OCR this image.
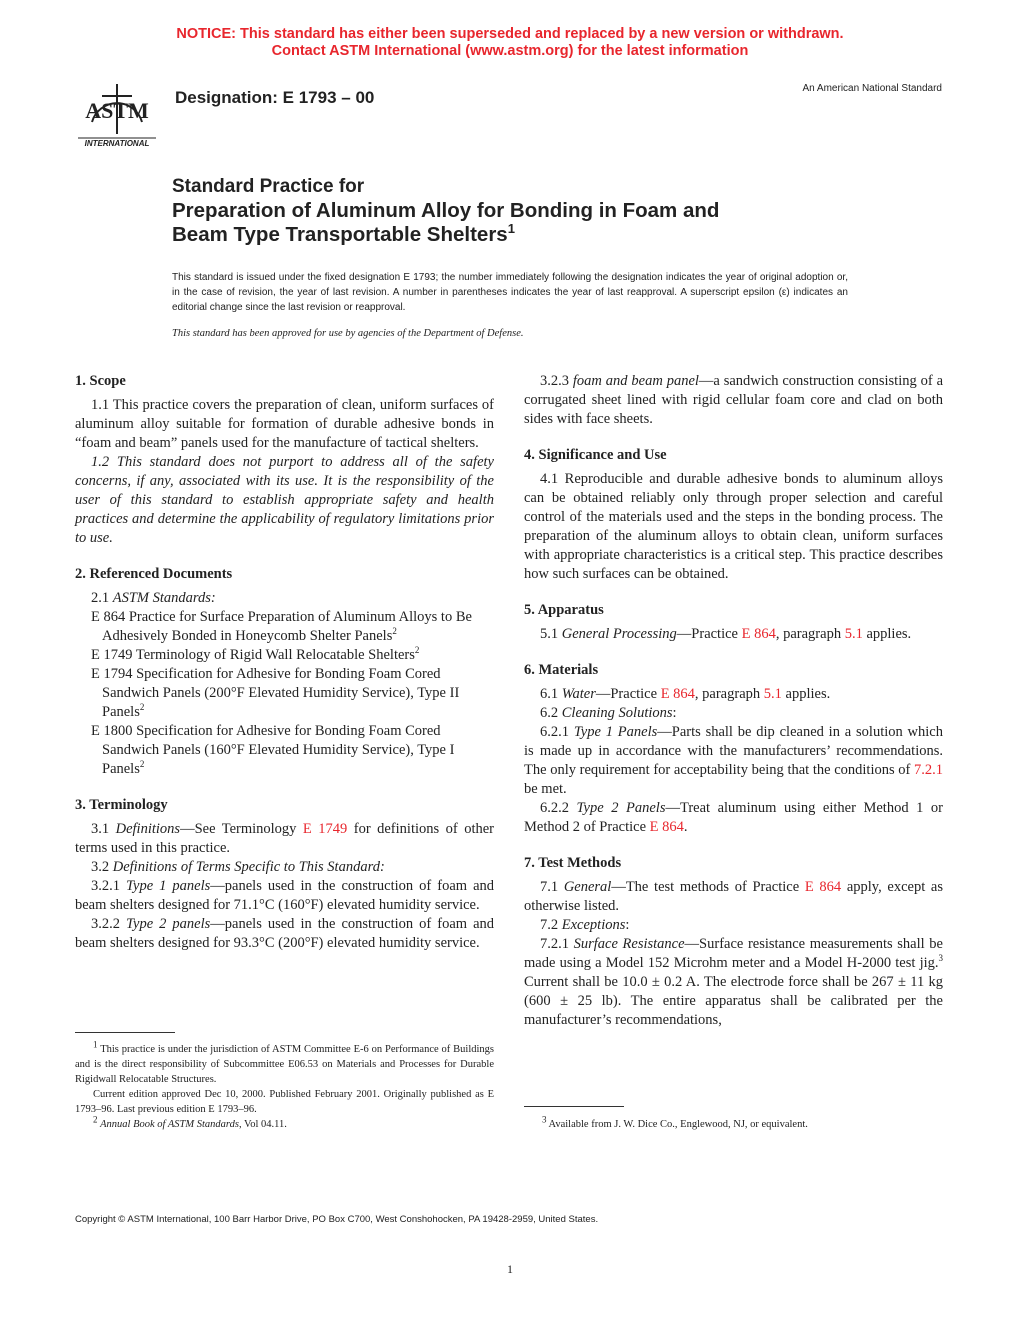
NOTICE: This standard has either been superseded and replaced by a new version or withdrawn.
Contact ASTM International (www.astm.org) for the latest information
ASTM
INTERNATIONAL
Designation: E 1793 – 00	An American National Standard
Standard Practice for
Preparation of Aluminum Alloy for Bonding in Foam and
Beam Type Transportable Shelters$^1$

This standard is issued under the fixed designation E 1793; the number immediately following the designation indicates the year of original adoption or, in the case of revision, the year of last revision. A number in parentheses indicates the year of last reapproval. A superscript epsilon (ε) indicates an editorial change since the last revision or reapproval.

This standard has been approved for use by agencies of the Department of Defense.

1. Scope

1.1 This practice covers the preparation of clean, uniform surfaces of aluminum alloy suitable for formation of durable adhesive bonds in “foam and beam” panels used for the manufacture of tactical shelters.

1.2 This standard does not purport to address all of the safety concerns, if any, associated with its use. It is the responsibility of the user of this standard to establish appropriate safety and health practices and determine the applicability of regulatory limitations prior to use.

2. Referenced Documents

2.1 ASTM Standards:

E 864 Practice for Surface Preparation of Aluminum Alloys to Be Adhesively Bonded in Honeycomb Shelter Panels$^2$

E 1749 Terminology of Rigid Wall Relocatable Shelters$^2$

E 1794 Specification for Adhesive for Bonding Foam Cored Sandwich Panels (200°F Elevated Humidity Service), Type II Panels$^2$

E 1800 Specification for Adhesive for Bonding Foam Cored Sandwich Panels (160°F Elevated Humidity Service), Type I Panels$^2$

3. Terminology

3.1 Definitions—See Terminology E 1749 for definitions of other terms used in this practice.

3.2 Definitions of Terms Specific to This Standard:

3.2.1 Type 1 panels—panels used in the construction of foam and beam shelters designed for 71.1°C (160°F) elevated humidity service.

3.2.2 Type 2 panels—panels used in the construction of foam and beam shelters designed for 93.3°C (200°F) elevated humidity service.

3.2.3 foam and beam panel—a sandwich construction consisting of a corrugated sheet lined with rigid cellular foam core and clad on both sides with face sheets.

4. Significance and Use

4.1 Reproducible and durable adhesive bonds to aluminum alloys can be obtained reliably only through proper selection and careful control of the materials used and the steps in the bonding process. The preparation of the aluminum alloys to obtain clean, uniform surfaces with appropriate characteristics is a critical step. This practice describes how such surfaces can be obtained.

5. Apparatus

5.1 General Processing—Practice E 864, paragraph 5.1 applies.

6. Materials

6.1 Water—Practice E 864, paragraph 5.1 applies.

6.2 Cleaning Solutions:

6.2.1 Type 1 Panels—Parts shall be dip cleaned in a solution which is made up in accordance with the manufacturers’ recommendations. The only requirement for acceptability being that the conditions of 7.2.1 be met.

6.2.2 Type 2 Panels—Treat aluminum using either Method 1 or Method 2 of Practice E 864.

7. Test Methods

7.1 General—The test methods of Practice E 864 apply, except as otherwise listed.

7.2 Exceptions:

7.2.1 Surface Resistance—Surface resistance measurements shall be made using a Model 152 Microhm meter and a Model H-2000 test jig.$^3$ Current shall be 10.0 ± 0.2 A. The electrode force shall be 267 ± 11 kg (600 ± 25 lb). The entire apparatus shall be calibrated per the manufacturer’s recommendations,

$^1$ This practice is under the jurisdiction of ASTM Committee E-6 on Performance of Buildings and is the direct responsibility of Subcommittee E06.53 on Materials and Processes for Durable Rigidwall Relocatable Structures.

Current edition approved Dec 10, 2000. Published February 2001. Originally published as E 1793–96. Last previous edition E 1793–96.

$^2$ Annual Book of ASTM Standards, Vol 04.11.	$^3$ Available from J. W. Dice Co., Englewood, NJ, or equivalent.

Copyright © ASTM International, 100 Barr Harbor Drive, PO Box C700, West Conshohocken, PA 19428-2959, United States.
1
